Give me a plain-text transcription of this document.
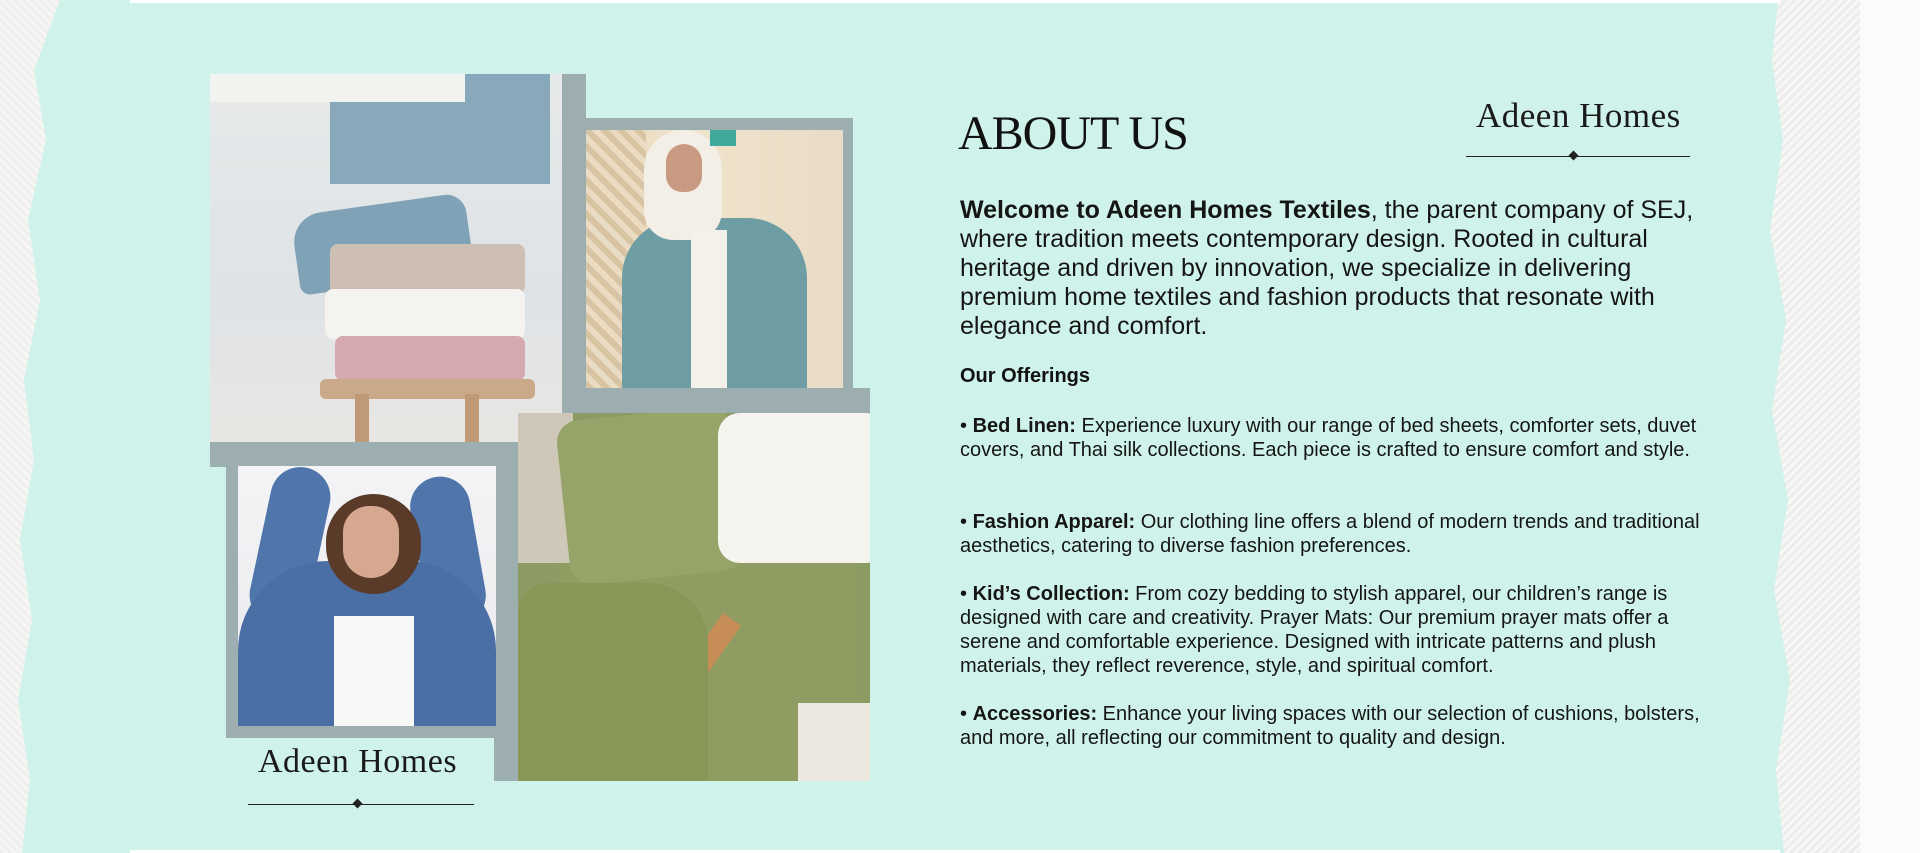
Adeen Homes
Adeen Homes
ABOUT US
Welcome to Adeen Homes Textiles, the parent company of SEJ, where tradition meets contemporary design. Rooted in cultural heritage and driven by innovation, we specialize in delivering premium home textiles and fashion products that resonate with elegance and comfort.
Our Offerings
• Bed Linen: Experience luxury with our range of bed sheets, comforter sets, duvet covers, and Thai silk collections. Each piece is crafted to ensure comfort and style.
• Fashion Apparel: Our clothing line offers a blend of modern trends and traditional aesthetics, catering to diverse fashion preferences.
• Kid’s Collection: From cozy bedding to stylish apparel, our children’s range is designed with care and creativity. Prayer Mats: Our premium prayer mats offer a serene and comfortable experience. Designed with intricate patterns and plush materials, they reflect reverence, style, and spiritual comfort.
• Accessories: Enhance your living spaces with our selection of cushions, bolsters, and more, all reflecting our commitment to quality and design.
